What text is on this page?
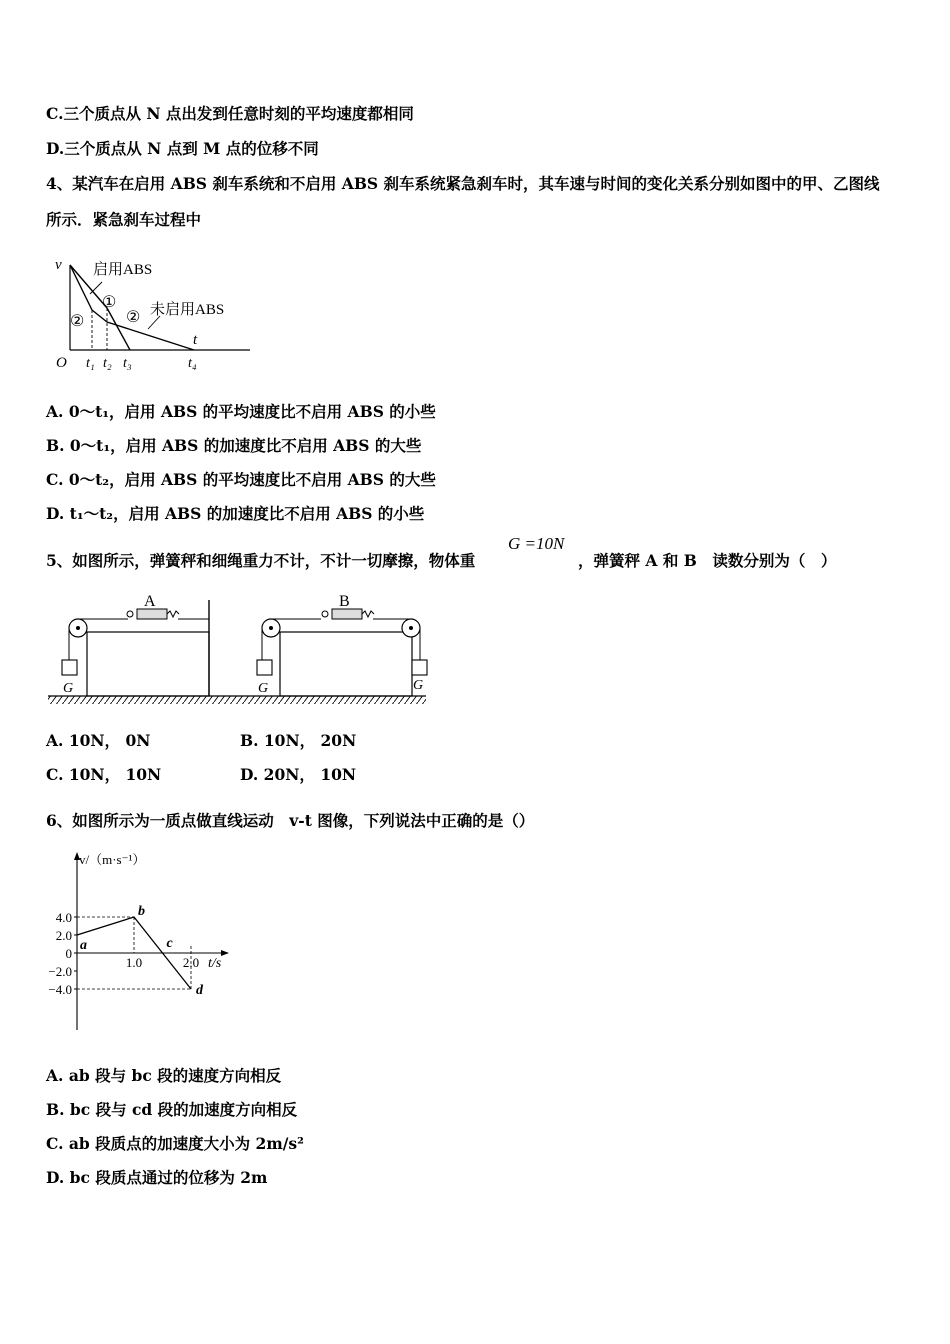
C.三个质点从 N 点出发到任意时刻的平均速度都相同
D.三个质点从 N 点到 M 点的位移不同
4、某汽车在启用 ABS 刹车系统和不启用 ABS 刹车系统紧急刹车时，其车速与时间的变化关系分别如图中的甲、乙图线
所示．紧急刹车过程中
v
t
O t₁ t₂ t₃	t₄
启用ABS
未启用ABS
①
②	②
A. 0～t₁，启用 ABS 的平均速度比不启用 ABS 的小些
B. 0～t₁，启用 ABS 的加速度比不启用 ABS 的大些
C. 0～t₂，启用 ABS 的平均速度比不启用 ABS 的大些
D. t₁～t₂，启用 ABS 的加速度比不启用 ABS 的小些
5、如图所示，弹簧秤和细绳重力不计，不计一切摩擦，物体重
G =10N
，弹簧秤 A 和 B　读数分别为（　）
A	B
G	G	G
A. 10N， 0N	B. 10N， 20N
C. 10N， 10N	D. 20N， 10N
6、如图所示为一质点做直线运动　v-t 图像，下列说法中正确的是（）
v/（m·s⁻¹）
t/s
4.0
2.0
0
−2.0
−4.0
1.0	2.0
a
b
c
d
A. ab 段与 bc 段的速度方向相反
B. bc 段与 cd 段的加速度方向相反
C. ab 段质点的加速度大小为 2m/s²
D. bc 段质点通过的位移为 2m
